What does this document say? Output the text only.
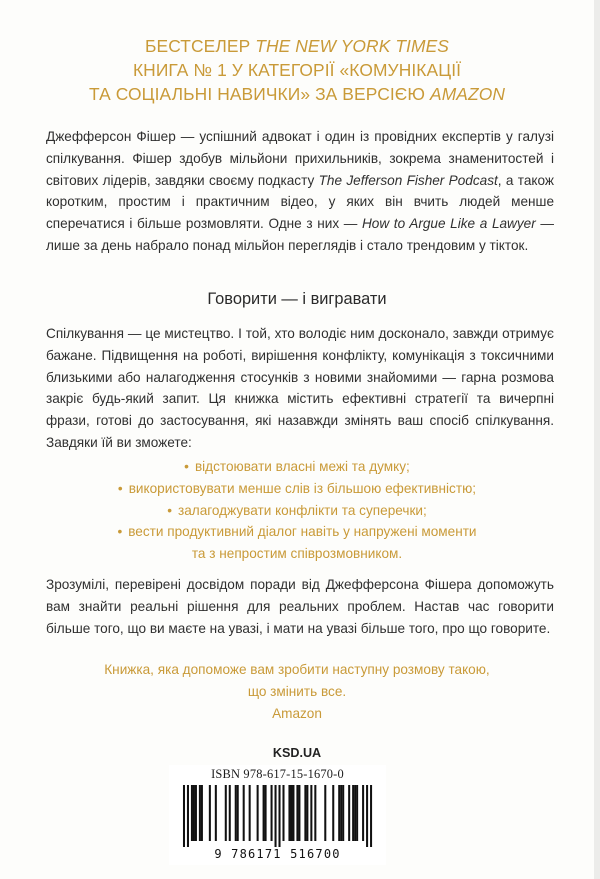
БЕСТСЕЛЕР THE NEW YORK TIMES
КНИГА № 1 У КАТЕГОРІЇ «КОМУНІКАЦІЇ
ТА СОЦІАЛЬНІ НАВИЧКИ» ЗА ВЕРСІЄЮ AMAZON

Джефферсон Фішер — успішний адвокат і один із провідних експертів у галузі спілкування. Фішер здобув мільйони прихильників, зокрема знаменитостей і світових лідерів, завдяки своєму подкасту The Jefferson Fisher Podcast, а також коротким, простим і практичним відео, у яких він вчить людей менше сперечатися і більше розмовляти. Одне з них — How to Argue Like a Lawyer — лише за день набрало понад мільйон переглядів і стало трендовим у тікток.

Говорити — і вигравати

Спілкування — це мистецтво. І той, хто володіє ним досконало, завжди отримує бажане. Підвищення на роботі, вирішення конфлікту, комунікація з токсичними близькими або налагодження стосунків з новими знайомими — гарна розмова закріє будь-який запит. Ця книжка містить ефективні стратегії та вичерпні фрази, готові до застосування, які назавжди змінять ваш спосіб спілкування. Завдяки їй ви зможете:

• відстоювати власні межі та думку;
• використовувати менше слів із більшою ефективністю;
• залагоджувати конфлікти та суперечки;
• вести продуктивний діалог навіть у напружені моменти
та з непростим співрозмовником.

Зрозумілі, перевірені досвідом поради від Джефферсона Фішера допоможуть вам знайти реальні рішення для реальних проблем. Настав час говорити більше того, що ви маєте на увазі, і мати на увазі більше того, про що говорите.

Книжка, яка допоможе вам зробити наступну розмову такою,
що змінить все.
Amazon
KSD.UA
ISBN 978-617-15-1670-0
9 786171 516700
